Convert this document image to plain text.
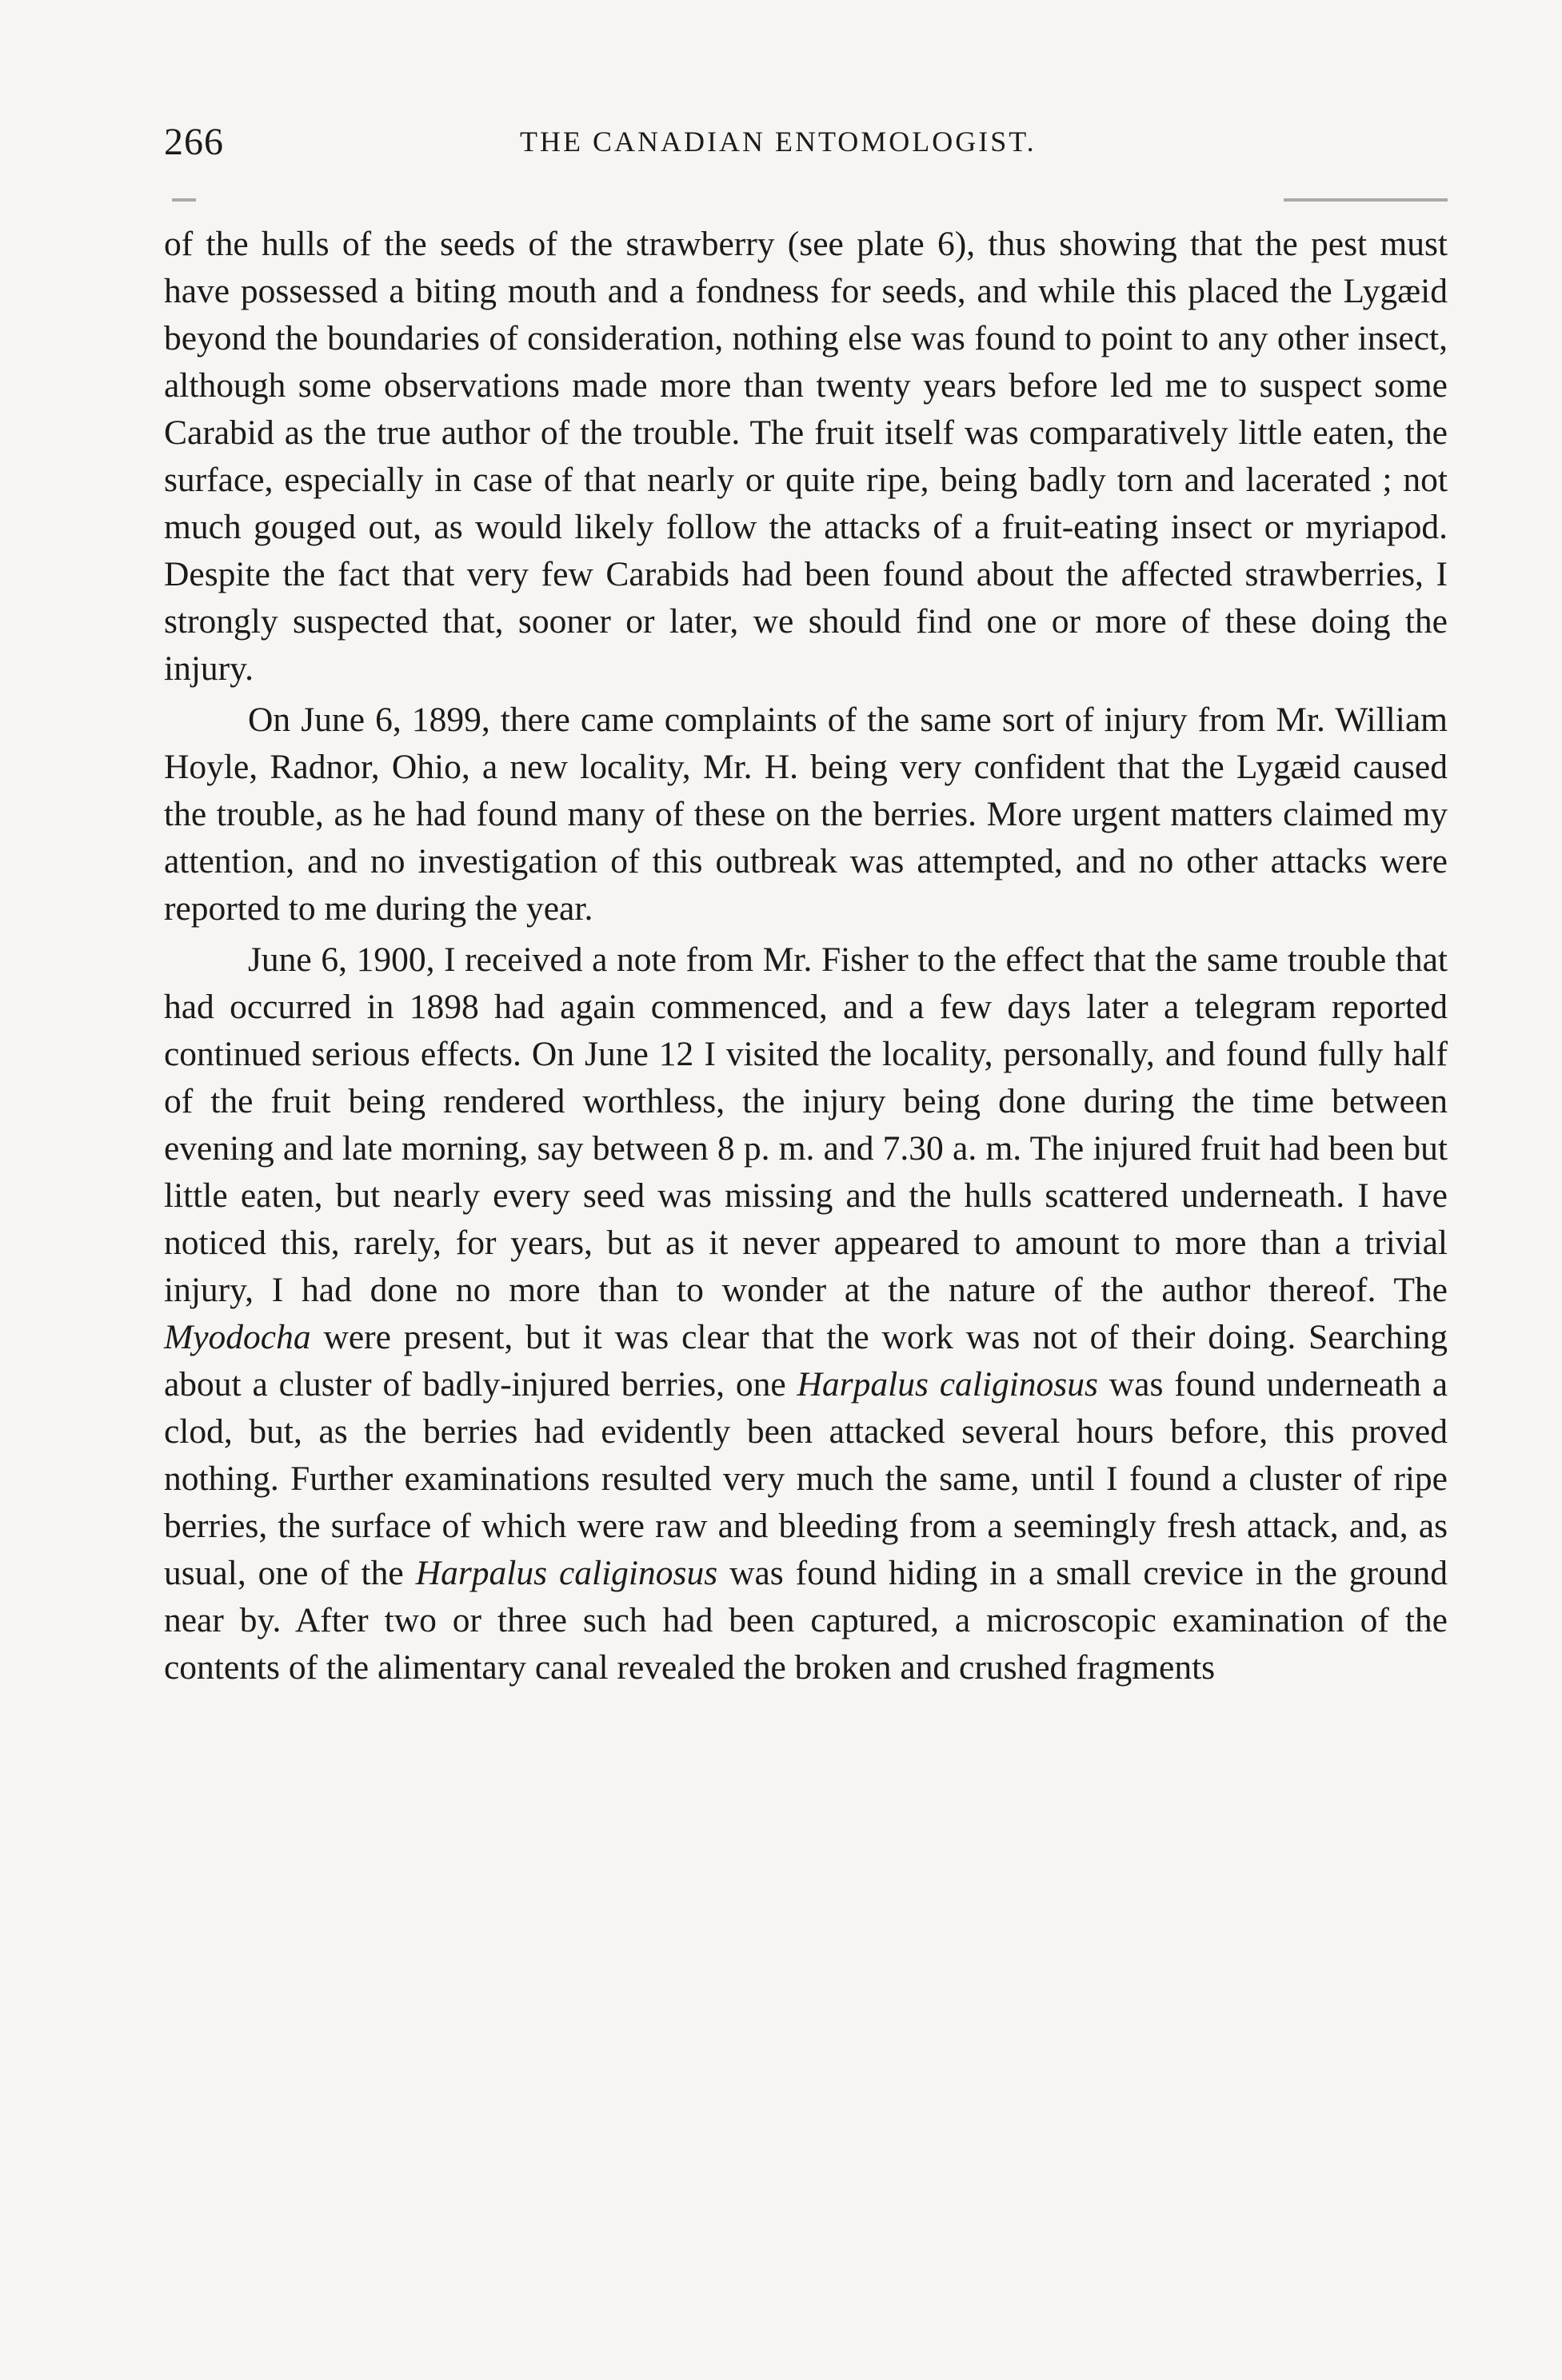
266	THE CANADIAN ENTOMOLOGIST.

of the hulls of the seeds of the strawberry (see plate 6), thus showing that the pest must have possessed a biting mouth and a fondness for seeds, and while this placed the Lygæid beyond the boundaries of consideration, nothing else was found to point to any other insect, although some observations made more than twenty years before led me to suspect some Carabid as the true author of the trouble. The fruit itself was comparatively little eaten, the surface, especially in case of that nearly or quite ripe, being badly torn and lacerated ; not much gouged out, as would likely follow the attacks of a fruit-eating insect or myriapod. Despite the fact that very few Carabids had been found about the affected strawberries, I strongly suspected that, sooner or later, we should find one or more of these doing the injury.

On June 6, 1899, there came complaints of the same sort of injury from Mr. William Hoyle, Radnor, Ohio, a new locality, Mr. H. being very confident that the Lygæid caused the trouble, as he had found many of these on the berries. More urgent matters claimed my attention, and no investigation of this outbreak was attempted, and no other attacks were reported to me during the year.

June 6, 1900, I received a note from Mr. Fisher to the effect that the same trouble that had occurred in 1898 had again commenced, and a few days later a telegram reported continued serious effects. On June 12 I visited the locality, personally, and found fully half of the fruit being rendered worthless, the injury being done during the time between evening and late morning, say between 8 p. m. and 7.30 a. m. The injured fruit had been but little eaten, but nearly every seed was missing and the hulls scattered underneath. I have noticed this, rarely, for years, but as it never appeared to amount to more than a trivial injury, I had done no more than to wonder at the nature of the author thereof. The Myodocha were present, but it was clear that the work was not of their doing. Searching about a cluster of badly-injured berries, one Harpalus caliginosus was found underneath a clod, but, as the berries had evidently been attacked several hours before, this proved nothing. Further examinations resulted very much the same, until I found a cluster of ripe berries, the surface of which were raw and bleeding from a seemingly fresh attack, and, as usual, one of the Harpalus caliginosus was found hiding in a small crevice in the ground near by. After two or three such had been captured, a microscopic examination of the contents of the alimentary canal revealed the broken and crushed fragments
